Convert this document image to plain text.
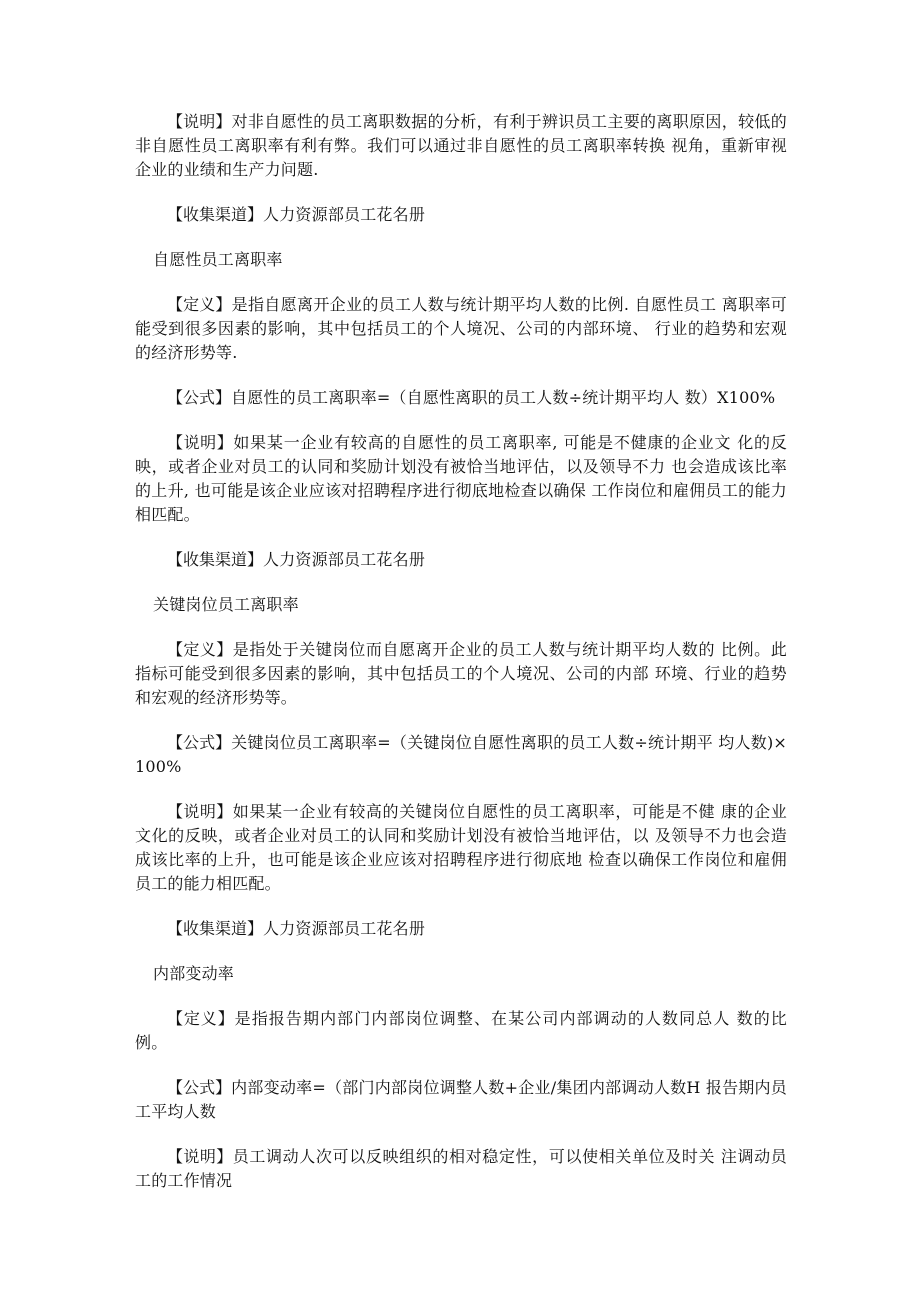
【说明】对非自愿性的员工离职数据的分析，有利于辨识员工主要的离职原因，较低的非自愿性员工离职率有利有弊。我们可以通过非自愿性的员工离职率转换 视角，重新审视企业的业绩和生产力问题.

【收集渠道】人力资源部员工花名册

自愿性员工离职率

【定义】是指自愿离开企业的员工人数与统计期平均人数的比例. 自愿性员工 离职率可能受到很多因素的影响，其中包括员工的个人境况、公司的内部环境、 行业的趋势和宏观的经济形势等.

【公式】自愿性的员工离职率=（自愿性离职的员工人数÷统计期平均人 数）X100%

【说明】如果某一企业有较高的自愿性的员工离职率, 可能是不健康的企业文 化的反映，或者企业对员工的认同和奖励计划没有被恰当地评估，以及领导不力 也会造成该比率的上升, 也可能是该企业应该对招聘程序进行彻底地检查以确保 工作岗位和雇佣员工的能力相匹配。

【收集渠道】人力资源部员工花名册

关键岗位员工离职率

【定义】是指处于关键岗位而自愿离开企业的员工人数与统计期平均人数的 比例。此指标可能受到很多因素的影响，其中包括员工的个人境况、公司的内部 环境、行业的趋势和宏观的经济形势等。

【公式】关键岗位员工离职率=（关键岗位自愿性离职的员工人数÷统计期平 均人数)×100%

【说明】如果某一企业有较高的关键岗位自愿性的员工离职率，可能是不健 康的企业文化的反映，或者企业对员工的认同和奖励计划没有被恰当地评估，以 及领导不力也会造成该比率的上升，也可能是该企业应该对招聘程序进行彻底地 检查以确保工作岗位和雇佣员工的能力相匹配。

【收集渠道】人力资源部员工花名册

内部变动率

【定义】是指报告期内部门内部岗位调整、在某公司内部调动的人数同总人 数的比例。

【公式】内部变动率=（部门内部岗位调整人数+企业/集团内部调动人数H 报告期内员工平均人数

【说明】员工调动人次可以反映组织的相对稳定性，可以使相关单位及时关 注调动员工的工作情况
